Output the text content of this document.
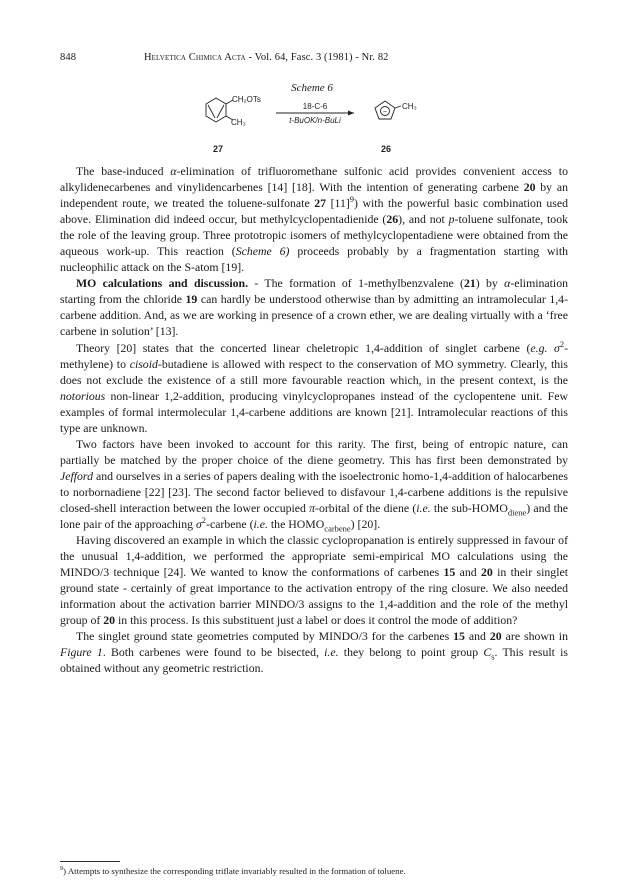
848	Helvetica Chimica Acta - Vol. 64, Fasc. 3 (1981) - Nr. 82
Scheme 6
CH₂OTs
CH₃
18-C-6
t-BuOK/n-BuLi
−
CH₃
27	26

The base-induced α-elimination of trifluoromethane sulfonic acid provides convenient access to alkylidenecarbenes and vinylidencarbenes [14] [18]. With the intention of generating carbene 20 by an independent route, we treated the toluene-sulfonate 27 $[11]^9$) with the powerful basic combination used above. Elimination did indeed occur, but methylcyclopentadienide (26), and not p-toluene sulfonate, took the role of the leaving group. Three prototropic isomers of methylcyclopentadiene were obtained from the aqueous work-up. This reaction (Scheme 6) proceeds probably by a fragmentation starting with nucleophilic attack on the S-atom [19].

MO calculations and discussion. - The formation of 1-methylbenzvalene (21) by α-elimination starting from the chloride 19 can hardly be understood otherwise than by admitting an intramolecular 1,4-carbene addition. And, as we are working in presence of a crown ether, we are dealing virtually with a ‘free carbene in solution’ [13].

Theory [20] states that the concerted linear cheletropic 1,4-addition of singlet carbene (e.g. $\sigma^2-methylene$) to cisoid-butadiene is allowed with respect to the conservation of MO symmetry. Clearly, this does not exclude the existence of a still more favourable reaction which, in the present context, is the notorious non-linear 1,2-addition, producing vinylcyclopropanes instead of the cyclopentene unit. Few examples of formal intermolecular 1,4-carbene additions are known [21]. Intramolecular reactions of this type are unknown.

Two factors have been invoked to account for this rarity. The first, being of entropic nature, can partially be matched by the proper choice of the diene geometry. This has first been demonstrated by Jefford and ourselves in a series of papers dealing with the isoelectronic homo-1,4-addition of halocarbenes to norbornadiene [22] [23]. The second factor believed to disfavour 1,4-carbene additions is the repulsive closed-shell interaction between the lower occupied π-orbital of the diene (i.e. the sub-$HOMO_{diene}$) and the lone pair of the approaching $\sigma^2$-carbene (i.e. the $HOMO_{carbene}$) [20].

Having discovered an example in which the classic cyclopropanation is entirely suppressed in favour of the unusual 1,4-addition, we performed the appropriate semi-empirical MO calculations using the MINDO/3 technique [24]. We wanted to know the conformations of carbenes 15 and 20 in their singlet ground state - certainly of great importance to the activation entropy of the ring closure. We also needed information about the activation barrier MINDO/3 assigns to the 1,4-addition and the role of the methyl group of 20 in this process. Is this substituent just a label or does it control the mode of addition?

The singlet ground state geometries computed by MINDO/3 for the carbenes 15 and 20 are shown in Figure 1. Both carbenes were found to be bisected, i.e. they belong to point group $C_s$. This result is obtained without any geometric restriction.

$^9$) Attempts to synthesize the corresponding triflate invariably resulted in the formation of toluene.
